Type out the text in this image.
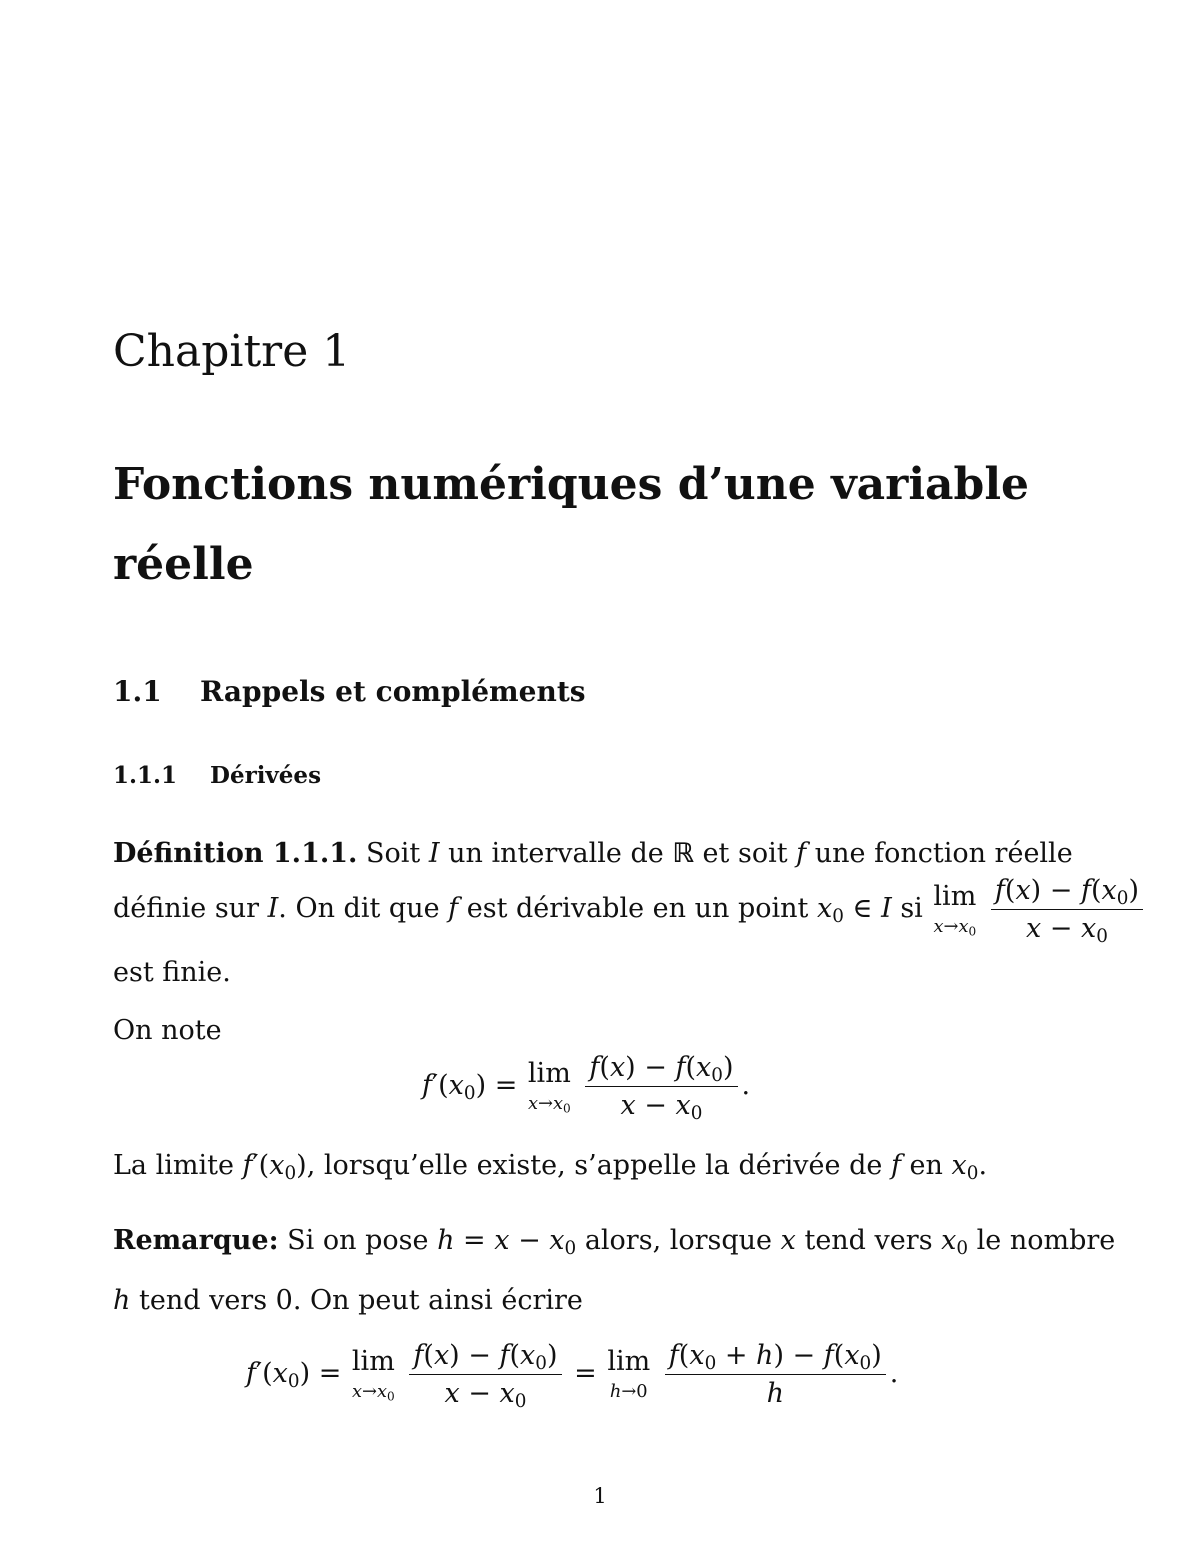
Chapitre 1
Fonctions numériques d’une variable réelle
1.1 Rappels et compléments
1.1.1 Dérivées
Définition 1.1.1. Soit I un intervalle de ℝ et soit f une fonction réelle
définie sur I. On dit que f est dérivable en un point $x_0$ ∈ I si lim
$x\to x_0$
$\frac{f(x) - f(x_0)}{x - x_0}$
est finie.
On note
$f'(x_0) = \lim$
$x\to x_0$
$\frac{f(x) - f(x_0)}{x - x_0}$ .
La limite $f'(x_0)$, lorsqu’elle existe, s’appelle la dérivée de f en $x_0$.
Remarque: Si on pose $h = x - x_0$ alors, lorsque x tend vers $x_0$ le nombre
h tend vers 0. On peut ainsi écrire
$f'(x_0) = \lim$
$x\to x_0$
$\frac{f(x) - f(x_0)}{x - x_0} = \lim$
h→0
$\frac{f(x_0 + h) - f(x_0)}{h}$ .
1
